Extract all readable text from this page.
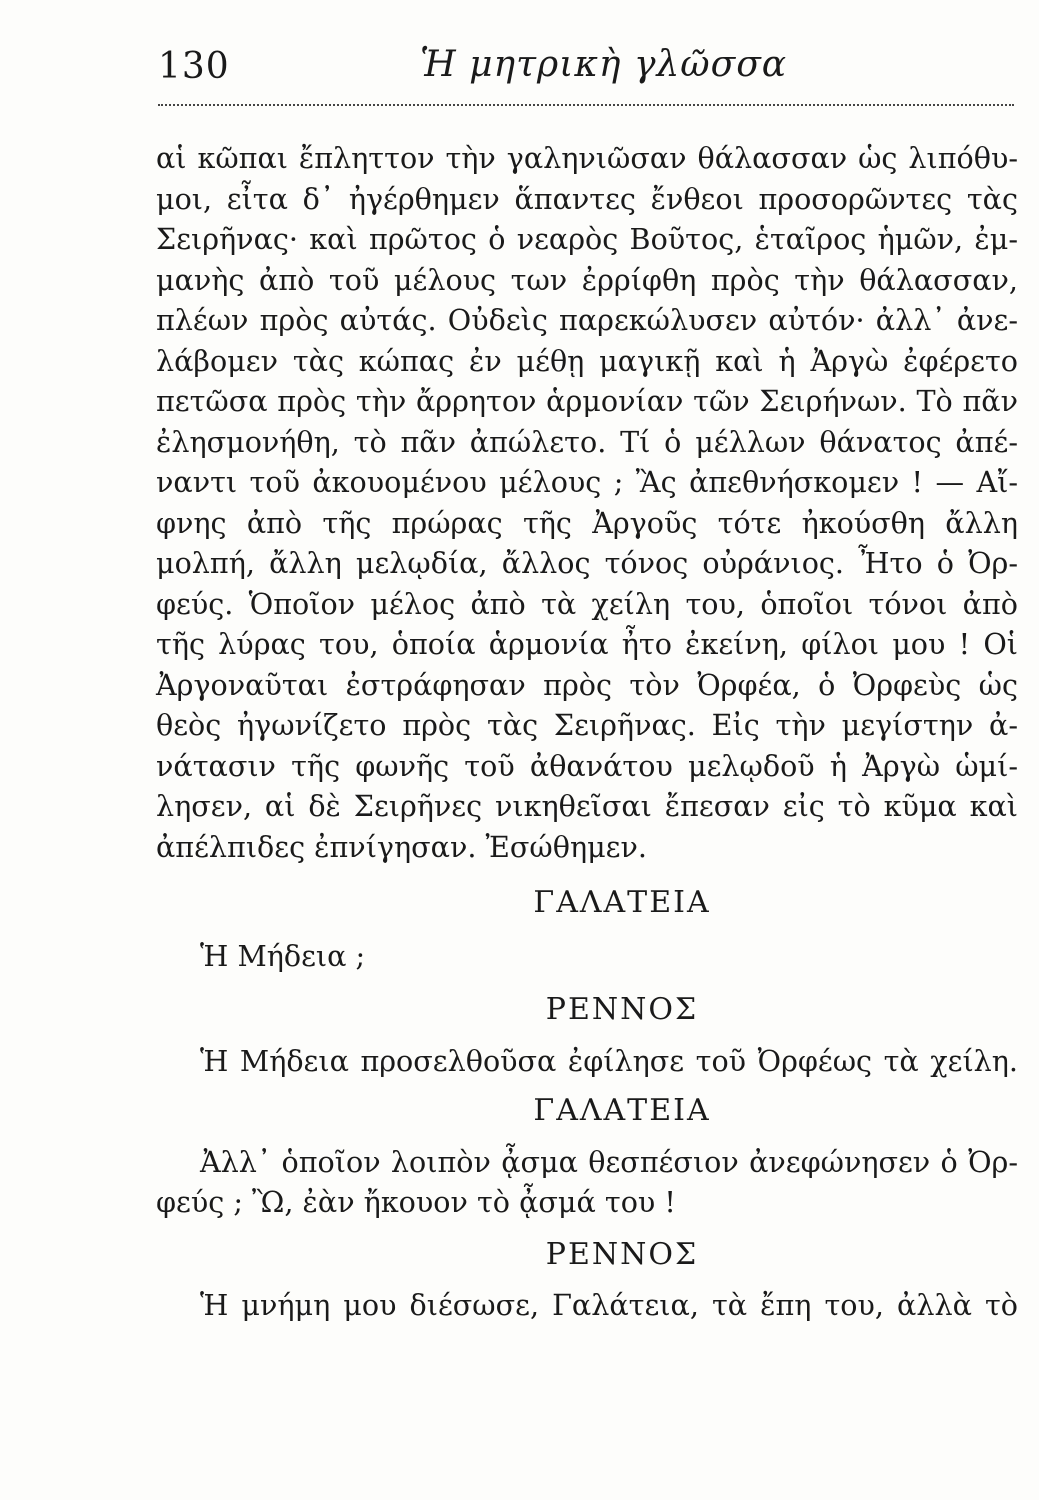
130	Ἡ μητρικὴ γλῶσσα
αἱ κῶπαι ἔπληττον τὴν γαληνιῶσαν θάλασσαν ὡς λιπόθυ-
μοι, εἶτα δ᾽ ἠγέρθημεν ἅπαντες ἔνθεοι προσορῶντες τὰς
Σειρῆνας· καὶ πρῶτος ὁ νεαρὸς Βοῦτος, ἑταῖρος ἡμῶν, ἐμ-
μανὴς ἀπὸ τοῦ μέλους των ἐρρίφθη πρὸς τὴν θάλασσαν,
πλέων πρὸς αὐτάς. Οὐδεὶς παρεκώλυσεν αὐτόν· ἀλλ᾽ ἀνε-
λάβομεν τὰς κώπας ἐν μέθῃ μαγικῇ καὶ ἡ Ἀργὼ ἐφέρετο
πετῶσα πρὸς τὴν ἄρρητον ἁρμονίαν τῶν Σειρήνων. Τὸ πᾶν
ἐλησμονήθη, τὸ πᾶν ἀπώλετο. Τί ὁ μέλλων θάνατος ἀπέ-
ναντι τοῦ ἀκουομένου μέλους ; Ἂς ἀπεθνήσκομεν ! — Αἴ-
φνης ἀπὸ τῆς πρώρας τῆς Ἀργοῦς τότε ἠκούσθη ἄλλη
μολπή, ἄλλη μελῳδία, ἄλλος τόνος οὐράνιος. Ἦτο ὁ Ὀρ-
φεύς. Ὁποῖον μέλος ἀπὸ τὰ χείλη του, ὁποῖοι τόνοι ἀπὸ
τῆς λύρας του, ὁποία ἁρμονία ἦτο ἐκείνη, φίλοι μου ! Οἱ
Ἀργοναῦται ἐστράφησαν πρὸς τὸν Ὀρφέα, ὁ Ὀρφεὺς ὡς
θεὸς ἠγωνίζετο πρὸς τὰς Σειρῆνας. Εἰς τὴν μεγίστην ἀ-
νάτασιν τῆς φωνῆς τοῦ ἀθανάτου μελῳδοῦ ἡ Ἀργὼ ὡμί-
λησεν, αἱ δὲ Σειρῆνες νικηθεῖσαι ἔπεσαν εἰς τὸ κῦμα καὶ
ἀπέλπιδες ἐπνίγησαν. Ἐσώθημεν.
ΓΑΛΑΤΕΙΑ
Ἡ Μήδεια ;
ΡΕΝΝΟΣ
Ἡ Μήδεια προσελθοῦσα ἐφίλησε τοῦ Ὀρφέως τὰ χείλη.
ΓΑΛΑΤΕΙΑ
Ἀλλ᾽ ὁποῖον λοιπὸν ᾆσμα θεσπέσιον ἀνεφώνησεν ὁ Ὀρ-
φεύς ; Ὢ, ἐὰν ἤκουον τὸ ᾆσμά του !
ΡΕΝΝΟΣ
Ἡ μνήμη μου διέσωσε, Γαλάτεια, τὰ ἔπη του, ἀλλὰ τὸ
